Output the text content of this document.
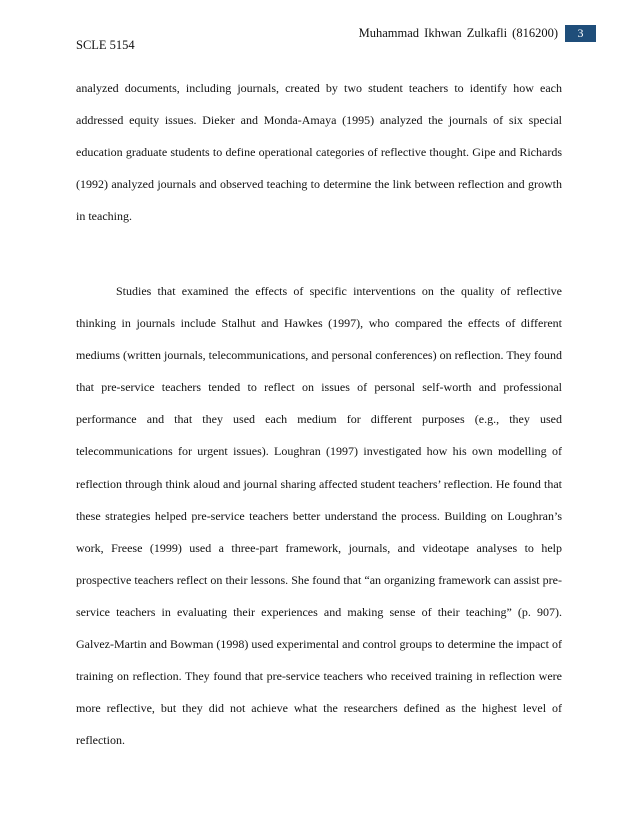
SCLE 5154
Muhammad Ikhwan Zulkafli (816200)	3

analyzed documents, including journals, created by two student teachers to identify how each addressed equity issues. Dieker and Monda-Amaya (1995) analyzed the journals of six special education graduate students to define operational categories of reflective thought. Gipe and Richards (1992) analyzed journals and observed teaching to determine the link between reflection and growth in teaching.

Studies that examined the effects of specific interventions on the quality of reflective thinking in journals include Stalhut and Hawkes (1997), who compared the effects of different mediums (written journals, telecommunications, and personal conferences) on reflection. They found that pre-service teachers tended to reflect on issues of personal self-worth and professional performance and that they used each medium for different purposes (e.g., they used telecommunications for urgent issues). Loughran (1997) investigated how his own modelling of reflection through think aloud and journal sharing affected student teachers’ reflection. He found that these strategies helped pre-service teachers better understand the process. Building on Loughran’s work, Freese (1999) used a three-part framework, journals, and videotape analyses to help prospective teachers reflect on their lessons. She found that “an organizing framework can assist pre-service teachers in evaluating their experiences and making sense of their teaching” (p. 907). Galvez-Martin and Bowman (1998) used experimental and control groups to determine the impact of training on reflection. They found that pre-service teachers who received training in reflection were more reflective, but they did not achieve what the researchers defined as the highest level of reflection.
